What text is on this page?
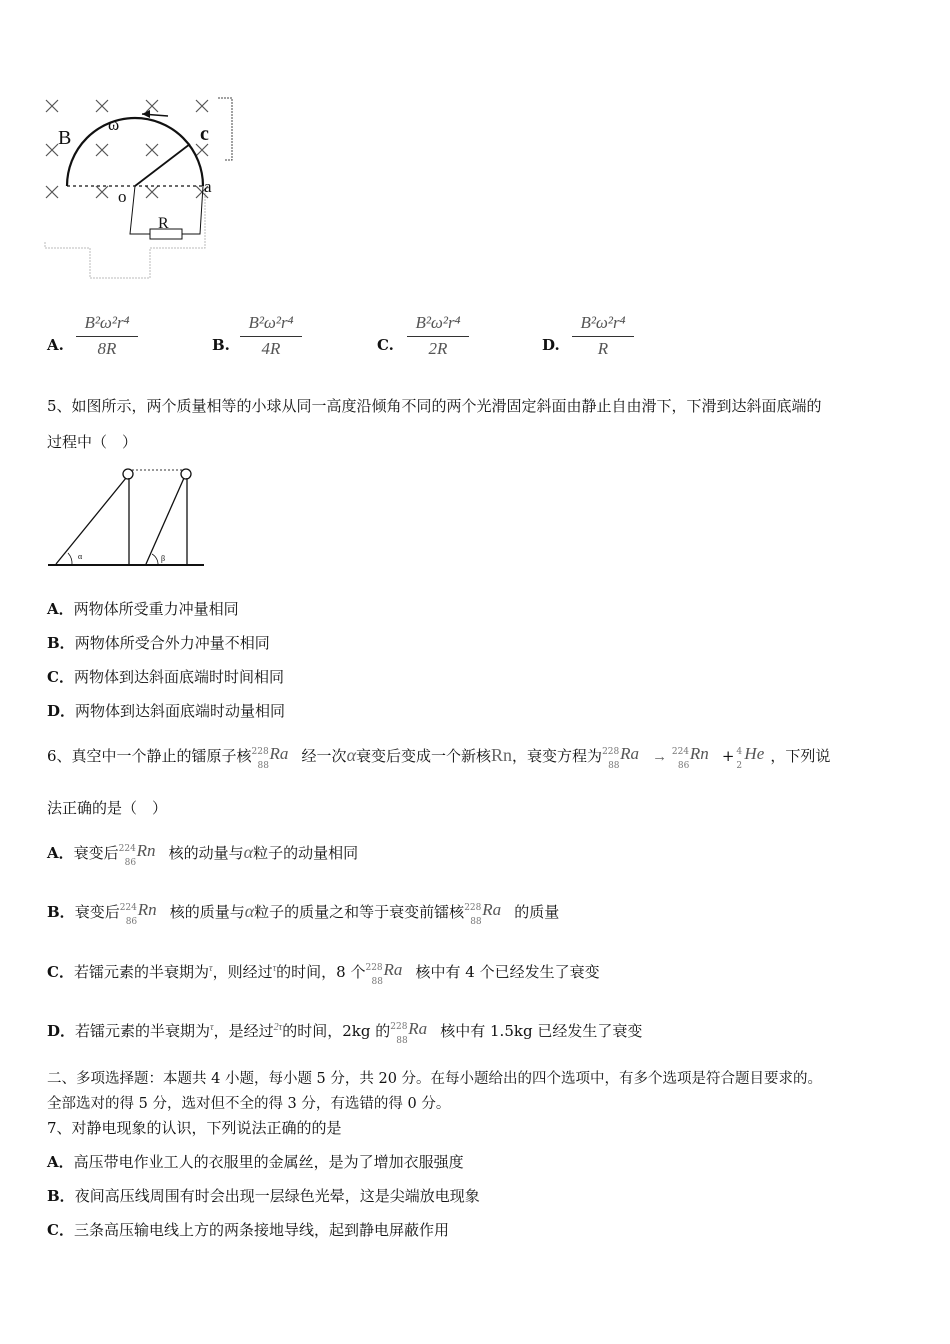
B
ω	c
o
a
R
A.
B²ω²r⁴
8R	B.
B²ω²r⁴
4R	C.
B²ω²r⁴
2R	D.
B²ω²r⁴
R
5、如图所示，两个质量相等的小球从同一高度沿倾角不同的两个光滑固定斜面由静止自由滑下，下滑到达斜面底端的
过程中（　）
α	β
A．两物体所受重力冲量相同
B．两物体所受合外力冲量不相同
C．两物体到达斜面底端时时间相同
D．两物体到达斜面底端时动量相同
6、真空中一个静止的镭原子核 228
88
Ra 经一次α衰变后变成一个新核Rn，衰变方程为 228
88
Ra → 224
86
Rn + 4
2
He ，下列说
法正确的是（　）
A．衰变后 224
86
Rn 核的动量与α粒子的动量相同
B．衰变后 224
86
Rn 核的质量与α粒子的质量之和等于衰变前镭核 228
88
Ra 的质量
C．若镭元素的半衰期为$^\tau$，则经过$^\tau$的时间，8 个 228
88
Ra 核中有 4 个已经发生了衰变
D．若镭元素的半衰期为$^\tau$，是经过$^{2\tau}$的时间，2kg 的 228
88
Ra 核中有 1.5kg 已经发生了衰变
二、多项选择题：本题共 4 小题，每小题 5 分，共 20 分。在每小题给出的四个选项中，有多个选项是符合题目要求的。
全部选对的得 5 分，选对但不全的得 3 分，有选错的得 0 分。
7、对静电现象的认识，下列说法正确的的是
A．高压带电作业工人的衣服里的金属丝，是为了增加衣服强度
B．夜间高压线周围有时会出现一层绿色光晕，这是尖端放电现象
C．三条高压输电线上方的两条接地导线，起到静电屏蔽作用
